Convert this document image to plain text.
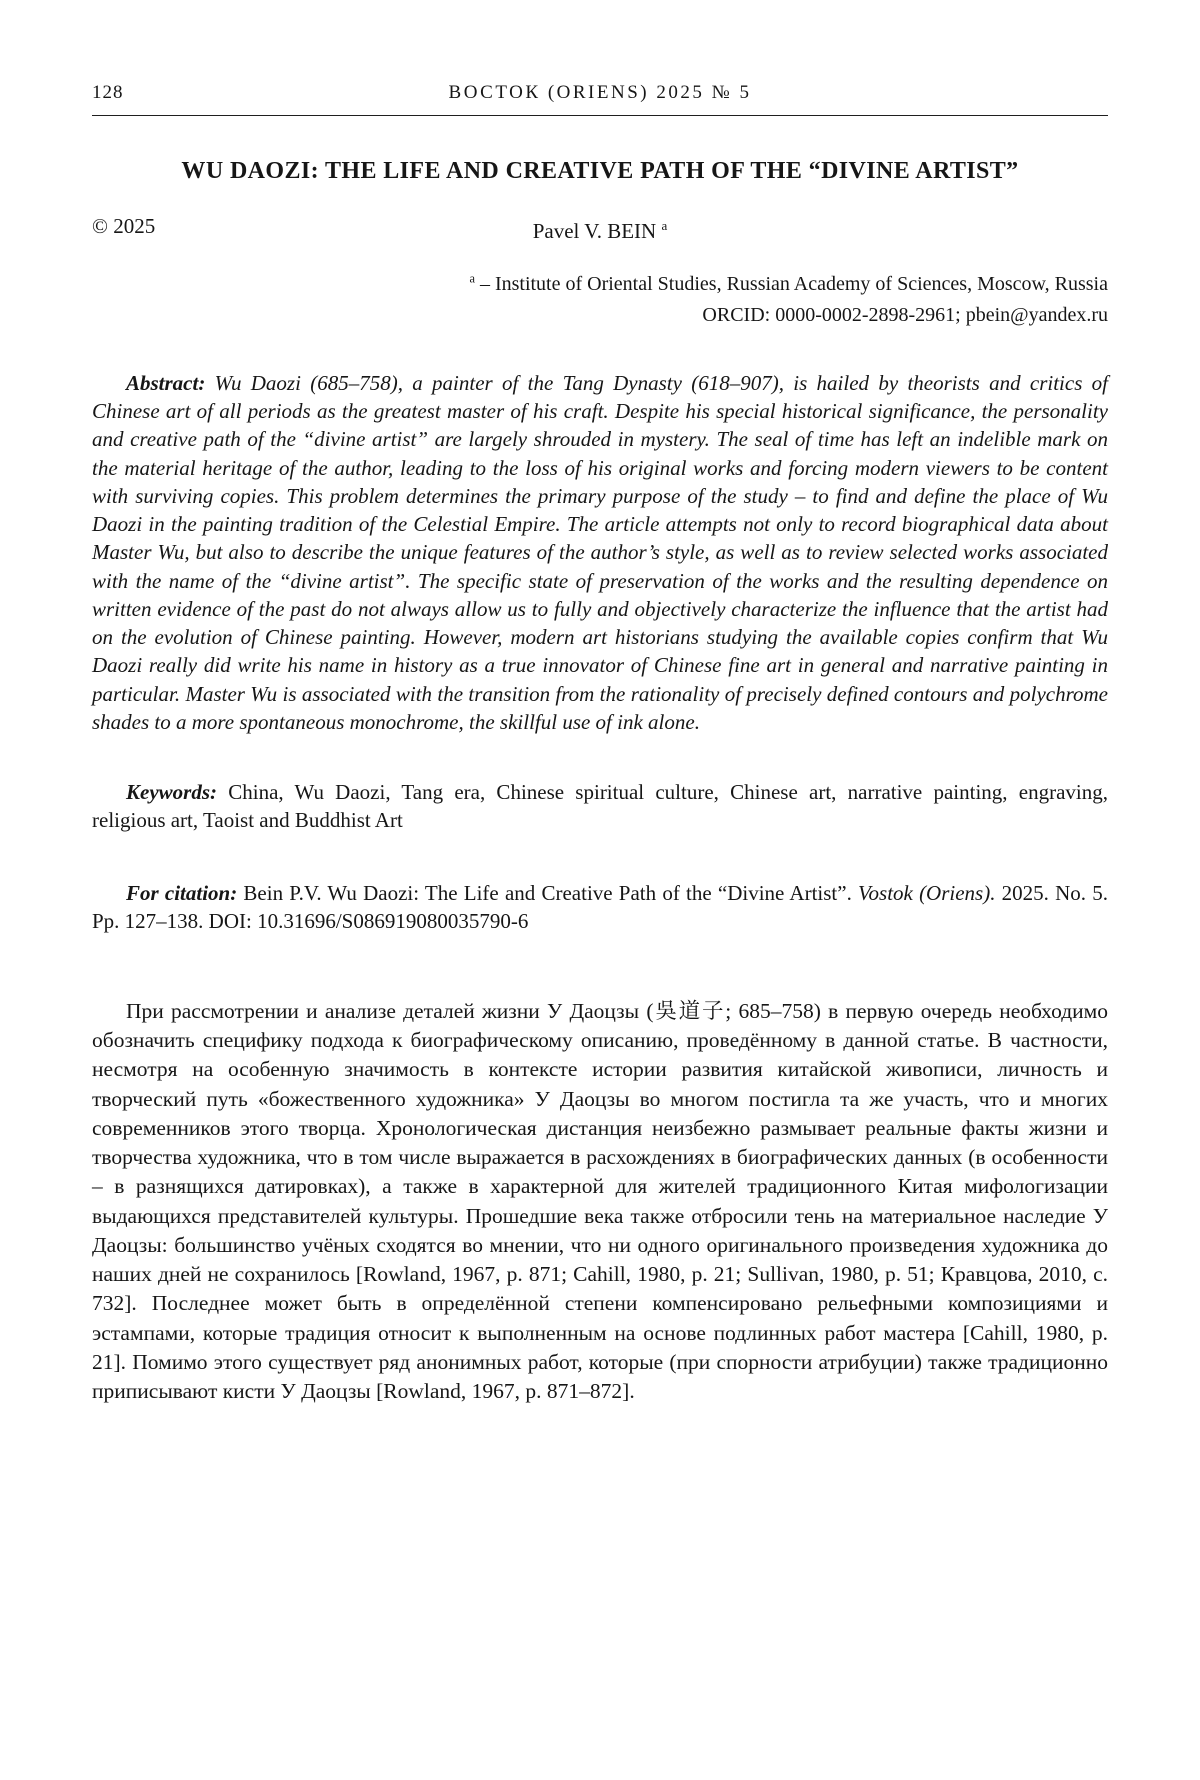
128	ВОСТОК (ORIENS) 2025 № 5
WU DAOZI: THE LIFE AND CREATIVE PATH OF THE “DIVINE ARTIST”
© 2025	Pavel V. BEIN $^a$
$^a$ – Institute of Oriental Studies, Russian Academy of Sciences, Moscow, Russia
ORCID: 0000-0002-2898-2961; pbein@yandex.ru

Abstract: Wu Daozi (685–758), a painter of the Tang Dynasty (618–907), is hailed by theorists and critics of Chinese art of all periods as the greatest master of his craft. Despite his special historical significance, the personality and creative path of the “divine artist” are largely shrouded in mystery. The seal of time has left an indelible mark on the material heritage of the author, leading to the loss of his original works and forcing modern viewers to be content with surviving copies. This problem determines the primary purpose of the study – to find and define the place of Wu Daozi in the painting tradition of the Celestial Empire. The article attempts not only to record biographical data about Master Wu, but also to describe the unique features of the author’s style, as well as to review selected works associated with the name of the “divine artist”. The specific state of preservation of the works and the resulting dependence on written evidence of the past do not always allow us to fully and objectively characterize the influence that the artist had on the evolution of Chinese painting. However, modern art historians studying the available copies confirm that Wu Daozi really did write his name in history as a true innovator of Chinese fine art in general and narrative painting in particular. Master Wu is associated with the transition from the rationality of precisely defined contours and polychrome shades to a more spontaneous monochrome, the skillful use of ink alone.

Keywords: China, Wu Daozi, Tang era, Chinese spiritual culture, Chinese art, narrative painting, engraving, religious art, Taoist and Buddhist Art

For citation: Bein P.V. Wu Daozi: The Life and Creative Path of the “Divine Artist”. Vostok (Oriens). 2025. No. 5. Pp. 127–138. DOI: 10.31696/S086919080035790-6

При рассмотрении и анализе деталей жизни У Даоцзы (吳道子; 685–758) в первую очередь необходимо обозначить специфику подхода к биографическому описанию, проведённому в данной статье. В частности, несмотря на особенную значимость в контексте истории развития китайской живописи, личность и творческий путь «божественного художника» У Даоцзы во многом постигла та же участь, что и многих современников этого творца. Хронологическая дистанция неизбежно размывает реальные факты жизни и творчества художника, что в том числе выражается в расхождениях в биографических данных (в особенности – в разнящихся датировках), а также в характерной для жителей традиционного Китая мифологизации выдающихся представителей культуры. Прошедшие века также отбросили тень на материальное наследие У Даоцзы: большинство учёных сходятся во мнении, что ни одного оригинального произведения художника до наших дней не сохранилось [Rowland, 1967, p. 871; Cahill, 1980, p. 21; Sullivan, 1980, p. 51; Кравцова, 2010, с. 732]. Последнее может быть в определённой степени компенсировано рельефными композициями и эстампами, которые традиция относит к выполненным на основе подлинных работ мастера [Cahill, 1980, p. 21]. Помимо этого существует ряд анонимных работ, которые (при спорности атрибуции) также традиционно приписывают кисти У Даоцзы [Rowland, 1967, p. 871–872].
